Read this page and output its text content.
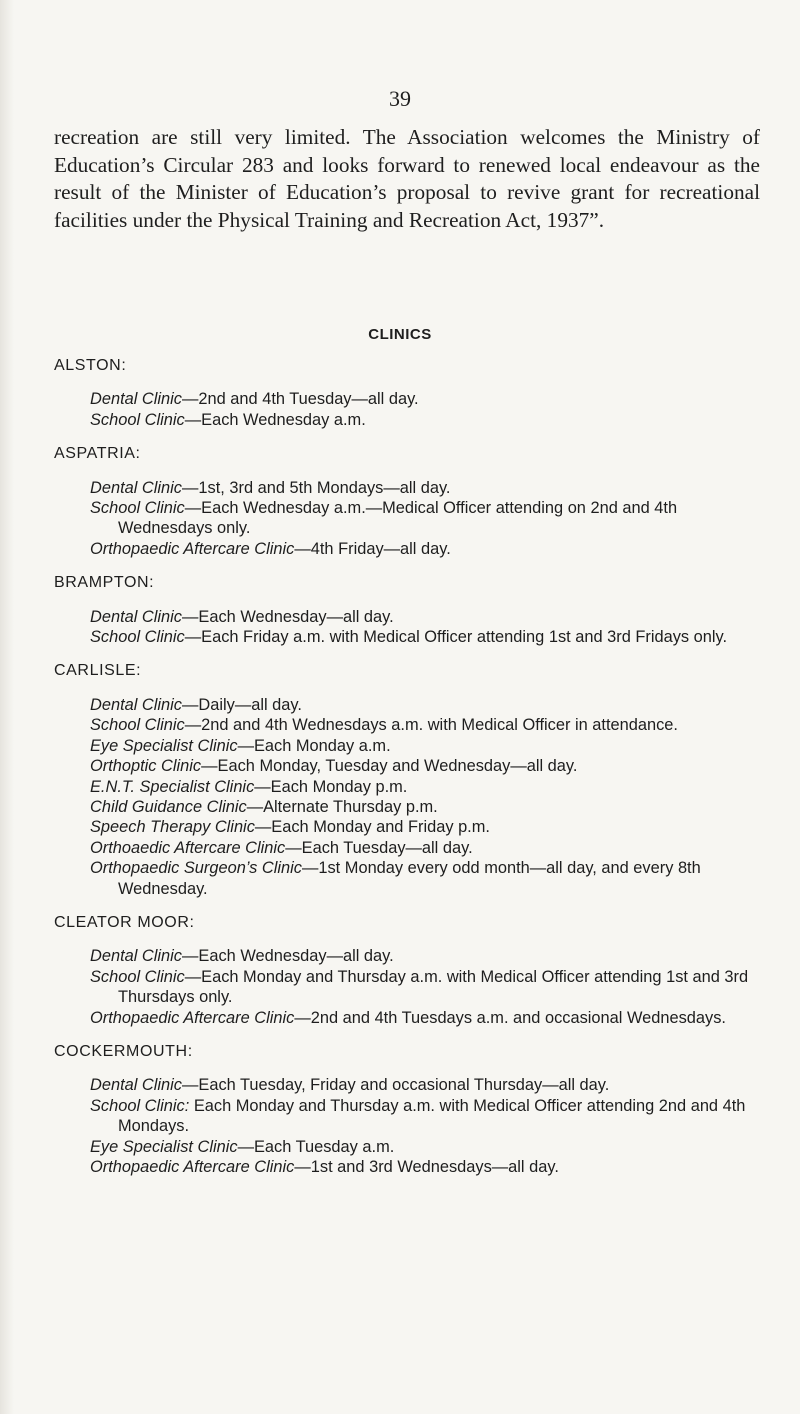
39

recreation are still very limited. The Association welcomes the Ministry of Education’s Circular 283 and looks forward to renewed local endeavour as the result of the Minister of Education’s proposal to revive grant for recreational facilities under the Physical Training and Recreation Act, 1937”.

CLINICS
ALSTON:

Dental Clinic—2nd and 4th Tuesday—all day.

School Clinic—Each Wednesday a.m.

ASPATRIA:

Dental Clinic—1st, 3rd and 5th Mondays—all day.

School Clinic—Each Wednesday a.m.—Medical Officer attending on 2nd and 4th Wednesdays only.

Orthopaedic Aftercare Clinic—4th Friday—all day.

BRAMPTON:

Dental Clinic—Each Wednesday—all day.

School Clinic—Each Friday a.m. with Medical Officer attending 1st and 3rd Fridays only.

CARLISLE:

Dental Clinic—Daily—all day.

School Clinic—2nd and 4th Wednesdays a.m. with Medical Officer in attendance.

Eye Specialist Clinic—Each Monday a.m.

Orthoptic Clinic—Each Monday, Tuesday and Wednesday—all day.

E.N.T. Specialist Clinic—Each Monday p.m.

Child Guidance Clinic—Alternate Thursday p.m.

Speech Therapy Clinic—Each Monday and Friday p.m.

Orthoaedic Aftercare Clinic—Each Tuesday—all day.

Orthopaedic Surgeon’s Clinic—1st Monday every odd month—all day, and every 8th Wednesday.

CLEATOR MOOR:

Dental Clinic—Each Wednesday—all day.

School Clinic—Each Monday and Thursday a.m. with Medical Officer attending 1st and 3rd Thursdays only.

Orthopaedic Aftercare Clinic—2nd and 4th Tuesdays a.m. and occasional Wednesdays.

COCKERMOUTH:

Dental Clinic—Each Tuesday, Friday and occasional Thursday—all day.

School Clinic: Each Monday and Thursday a.m. with Medical Officer attending 2nd and 4th Mondays.

Eye Specialist Clinic—Each Tuesday a.m.

Orthopaedic Aftercare Clinic—1st and 3rd Wednesdays—all day.
